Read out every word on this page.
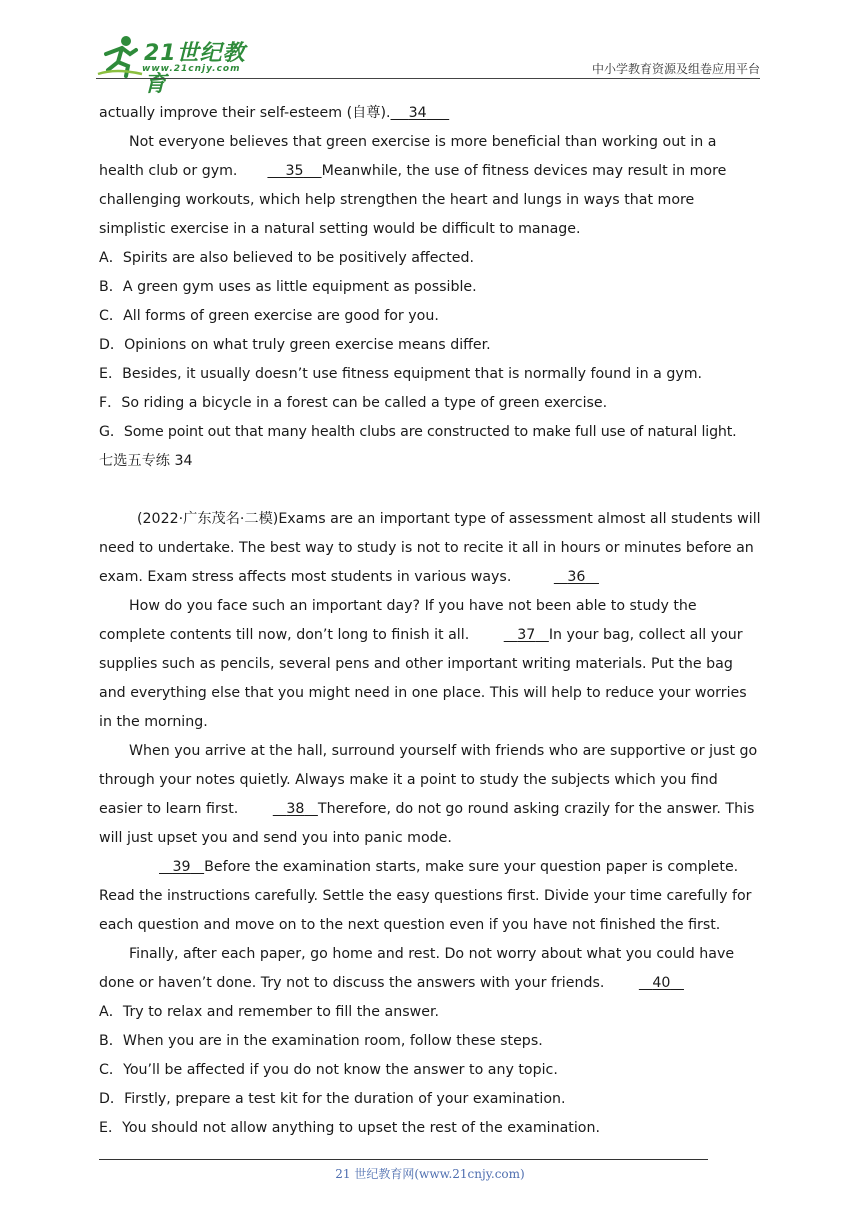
21世纪教育
www.21cnjy.com	中小学教育资源及组卷应用平台

actually improve their self-esteem (自尊). 34

Not everyone believes that green exercise is more beneficial than working out in a health club or gym.	35 Meanwhile, the use of fitness devices may result in more challenging workouts, which help strengthen the heart and lungs in ways that more simplistic exercise in a natural setting would be difficult to manage.

A．Spirits are also believed to be positively affected.

B．A green gym uses as little equipment as possible.

C．All forms of green exercise are good for you.

D．Opinions on what truly green exercise means differ.

E．Besides, it usually doesn’t use fitness equipment that is normally found in a gym.

F．So riding a bicycle in a forest can be called a type of green exercise.

G．Some point out that many health clubs are constructed to make full use of natural light.

七选五专练 34

(2022·广东茂名·二模)Exams are an important type of assessment almost all students will need to undertake. The best way to study is not to recite it all in hours or minutes before an exam. Exam stress affects most students in various ways.	36

How do you face such an important day? If you have not been able to study the complete contents till now, don’t long to finish it all.	37 In your bag, collect all your supplies such as pencils, several pens and other important writing materials. Put the bag and everything else that you might need in one place. This will help to reduce your worries in the morning.

When you arrive at the hall, surround yourself with friends who are supportive or just go through your notes quietly. Always make it a point to study the subjects which you find easier to learn first.	38 Therefore, do not go round asking crazily for the answer. This will just upset you and send you into panic mode.

39 Before the examination starts, make sure your question paper is complete. Read the instructions carefully. Settle the easy questions first. Divide your time carefully for each question and move on to the next question even if you have not finished the first.

Finally, after each paper, go home and rest. Do not worry about what you could have done or haven’t done. Try not to discuss the answers with your friends.	40

A．Try to relax and remember to fill the answer.

B．When you are in the examination room, follow these steps.

C．You’ll be affected if you do not know the answer to any topic.

D．Firstly, prepare a test kit for the duration of your examination.

E．You should not allow anything to upset the rest of the examination.

21 世纪教育网(www.21cnjy.com)
